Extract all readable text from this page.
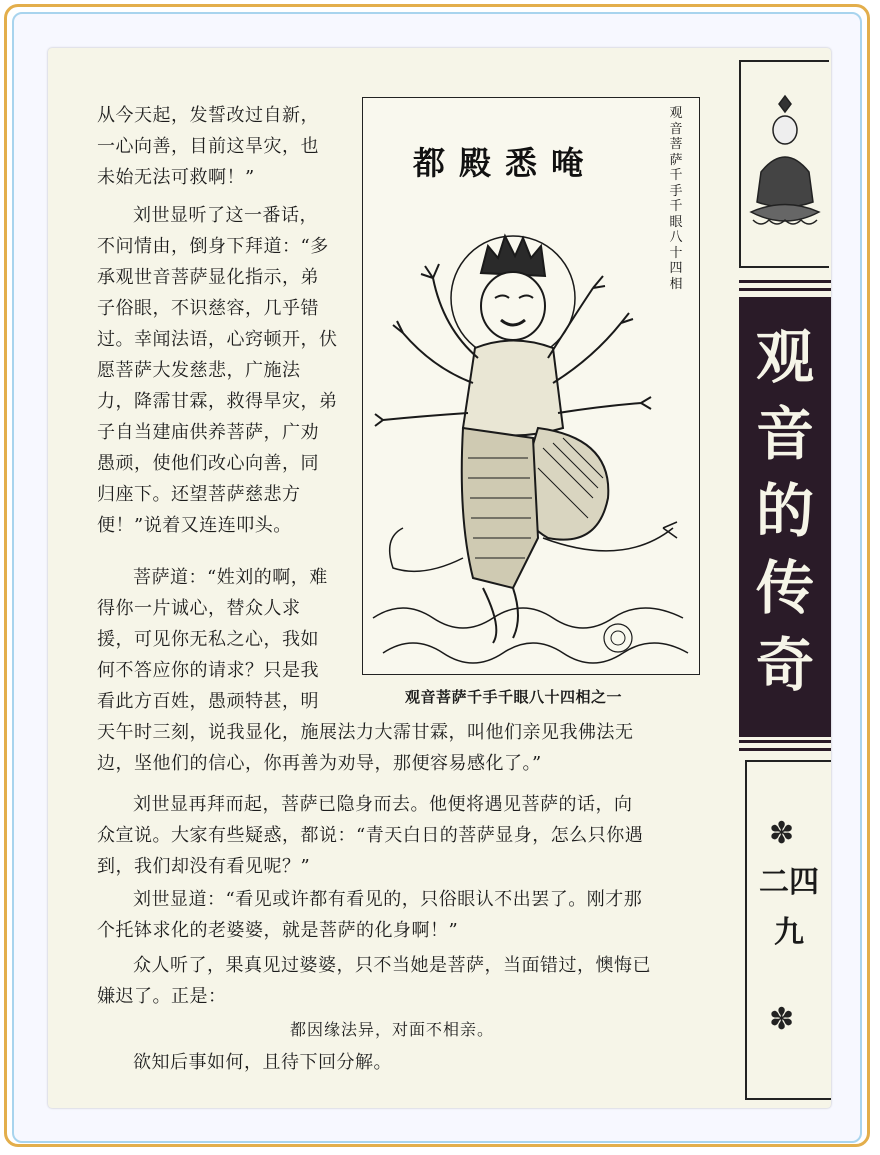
从今天起，发誓改过自新，
一心向善，目前这旱灾，也
未始无法可救啊！”

刘世显听了这一番话，
不问情由，倒身下拜道：“多
承观世音菩萨显化指示，弟
子俗眼，不识慈容，几乎错
过。幸闻法语，心窍顿开，伏
愿菩萨大发慈悲，广施法
力，降霈甘霖，救得旱灾，弟
子自当建庙供养菩萨，广劝
愚顽，使他们改心向善，同
归座下。还望菩萨慈悲方
便！”说着又连连叩头。

菩萨道：“姓刘的啊，难
得你一片诚心，替众人求
援，可见你无私之心，我如
何不答应你的请求？只是我
看此方百姓，愚顽特甚，明

天午时三刻，说我显化，施展法力大霈甘霖，叫他们亲见我佛法无
边，坚他们的信心，你再善为劝导，那便容易感化了。”

刘世显再拜而起，菩萨已隐身而去。他便将遇见菩萨的话，向
众宣说。大家有些疑惑，都说：“青天白日的菩萨显身，怎么只你遇
到，我们却没有看见呢？”

刘世显道：“看见或许都有看见的，只俗眼认不出罢了。刚才那
个托钵求化的老婆婆，就是菩萨的化身啊！”

众人听了，果真见过婆婆，只不当她是菩萨，当面错过，懊悔已
嫌迟了。正是：

都因缘法异，对面不相亲。

欲知后事如何，且待下回分解。

都殿悉唵
观音菩萨千手千眼八十四相
观音菩萨千手千眼八十四相之一
观音的传奇
✽
二四九
✽
